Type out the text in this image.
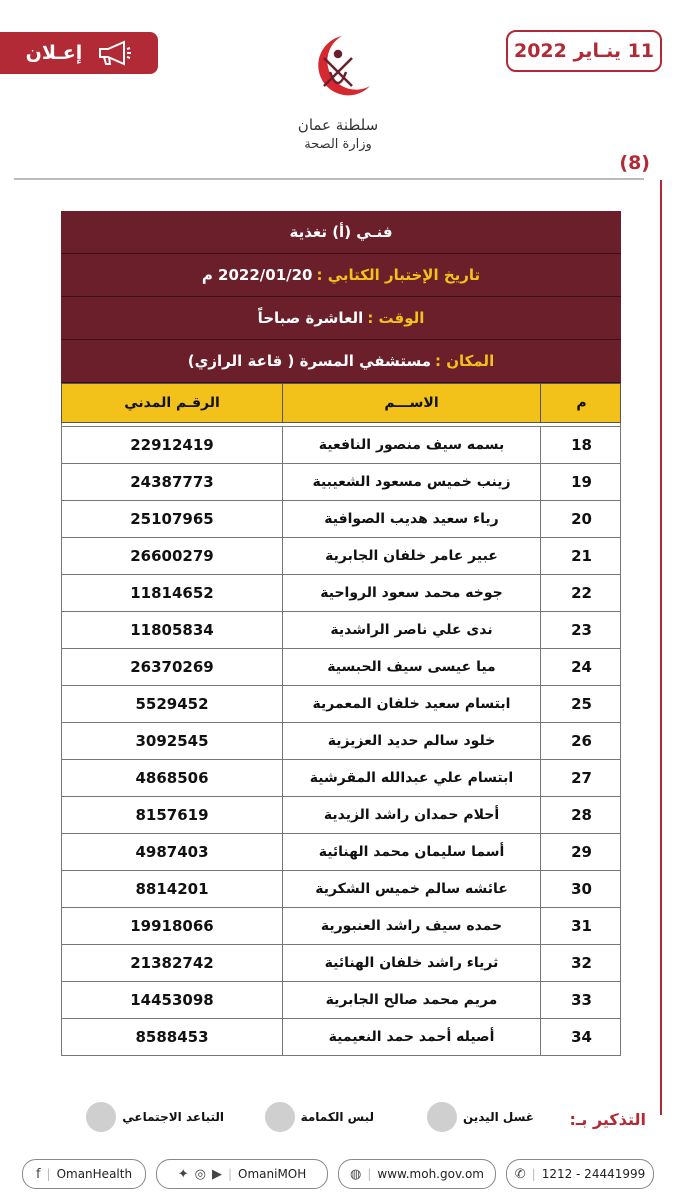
إعـلان
سلطنة عمان
وزارة الصحة
11 ينـاير 2022
(8)
فنـي (أ) تغذية
تاريخ الإختبار الكتابي :
2022/01/20 م
الوقت :
العاشرة صباحاً
المكان :
مستشفي المسرة ( قاعة الرازي)
الرقـم المدني	الاســـم	م
22912419	بسمه سيف منصور النافعية	18
24387773	زينب خميس مسعود الشعيبية	19
25107965	رياء سعيد هديب الصوافية	20
26600279	عبير عامر خلفان الجابرية	21
11814652	جوخه محمد سعود الرواحية	22
11805834	ندى علي ناصر الراشدية	23
26370269	ميا عيسى سيف الحبسية	24
5529452	ابتسام سعيد خلفان المعمرية	25
3092545	خلود سالم حديد العزيزية	26
4868506	ابتسام علي عبدالله المقرشية	27
8157619	أحلام حمدان راشد الزيدية	28
4987403	أسما سليمان محمد الهنائية	29
8814201	عائشه سالم خميس الشكرية	30
19918066	حمده سيف راشد العنبورية	31
21382742	ثرياء راشد خلفان الهنائية	32
14453098	مريم محمد صالح الجابرية	33
8588453	أصيله أحمد حمد النعيمية	34
التذكير بـ:
غسل اليدين
لبس الكمامة
التباعد الاجتماعي
f | OmanHealth	✦ ◎ ▶ | OmaniMOH	◍ | www.moh.gov.om ✆ | 1212 - 24441999
